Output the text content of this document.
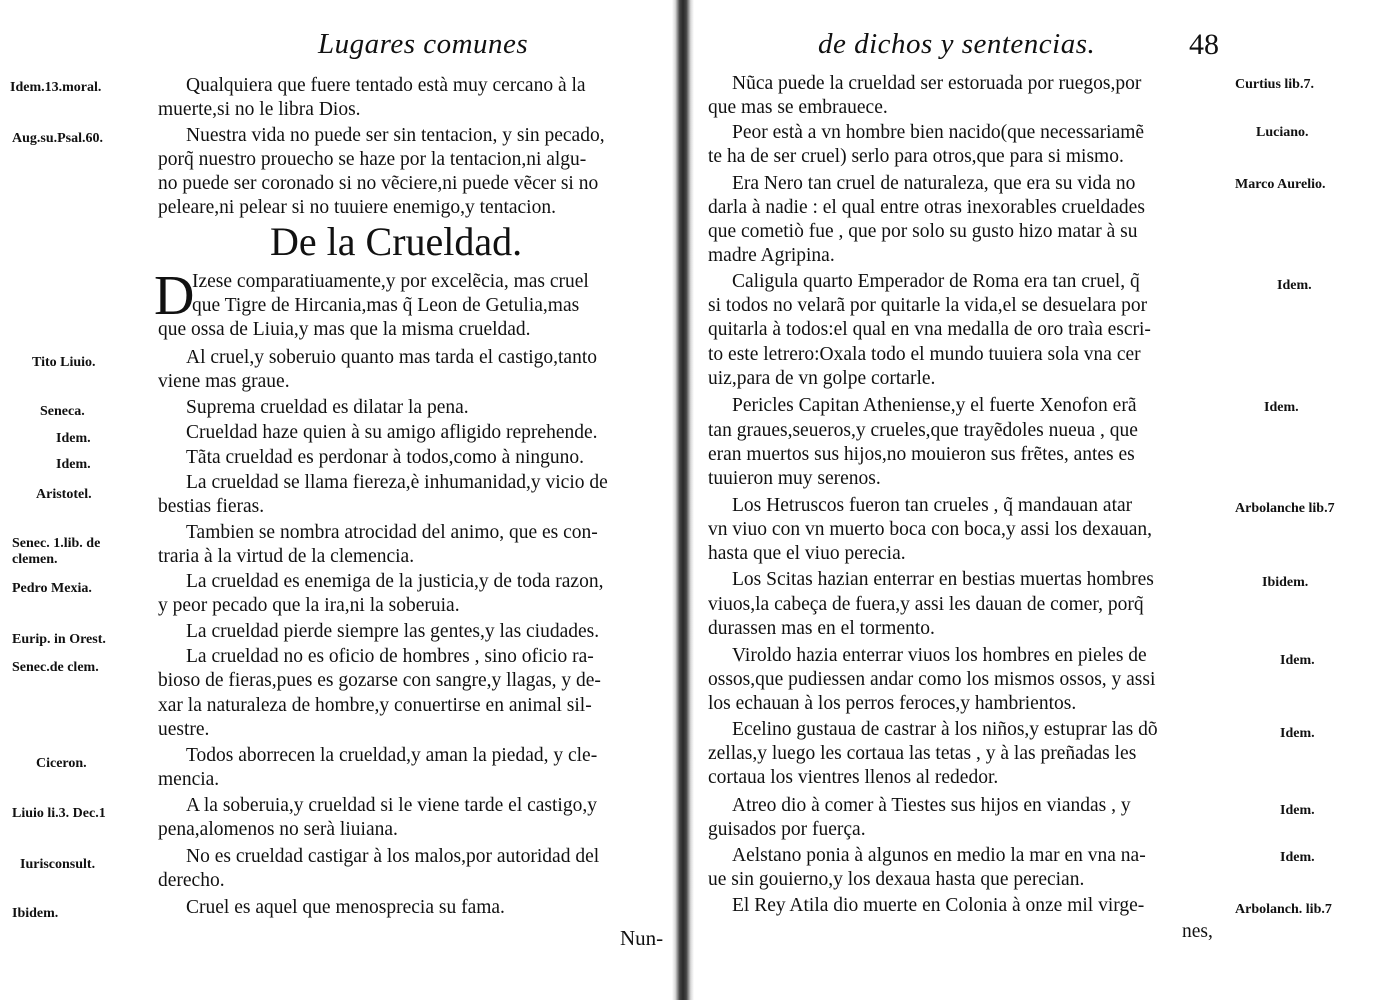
Lugares comunes
Qualquiera que fuere tentado està muy cercano à la
muerte,si no le libra Dios.
Nuestra vida no puede ser sin tentacion, y sin pecado,
porq̃ nuestro prouecho se haze por la tentacion,ni algu-
no puede ser coronado si no vẽciere,ni puede vẽcer si no
peleare,ni pelear si no tuuiere enemigo,y tentacion.
De la Crueldad.
D
Izese comparatiuamente,y por excelẽcia, mas cruel
que Tigre de Hircania,mas q̃ Leon de Getulia,mas
que ossa de Liuia,y mas que la misma crueldad.
Al cruel,y soberuio quanto mas tarda el castigo,tanto
viene mas graue.
Suprema crueldad es dilatar la pena.
Crueldad haze quien à su amigo afligido reprehende.
Tãta crueldad es perdonar à todos,como à ninguno.
La crueldad se llama fiereza,è inhumanidad,y vicio de
bestias fieras.
Tambien se nombra atrocidad del animo, que es con-
traria à la virtud de la clemencia.
La crueldad es enemiga de la justicia,y de toda razon,
y peor pecado que la ira,ni la soberuia.
La crueldad pierde siempre las gentes,y las ciudades.
La crueldad no es oficio de hombres , sino oficio ra-
bioso de fieras,pues es gozarse con sangre,y llagas, y de-
xar la naturaleza de hombre,y conuertirse en animal sil-
uestre.
Todos aborrecen la crueldad,y aman la piedad, y cle-
mencia.
A la soberuia,y crueldad si le viene tarde el castigo,y
pena,alomenos no serà liuiana.
No es crueldad castigar à los malos,por autoridad del
derecho.
Cruel es aquel que menosprecia su fama.
Idem.13.moral.
Aug.su.Psal.60.
Tito Liuio.
Seneca.
Idem.
Idem.
Aristotel.
Senec. 1.lib. de clemen.
Pedro Mexia.
Eurip. in Orest.
Senec.de clem.
Ciceron.
Liuio li.3. Dec.1
Iurisconsult.
Ibidem.
Nun-
de dichos y sentencias.	48
Nũca puede la crueldad ser estoruada por ruegos,por
que mas se embrauece.
Peor està a vn hombre bien nacido(que necessariamẽ
te ha de ser cruel) serlo para otros,que para si mismo.
Era Nero tan cruel de naturaleza, que era su vida no
darla à nadie : el qual entre otras inexorables crueldades
que cometiò fue , que por solo su gusto hizo matar à su
madre Agripina.
Caligula quarto Emperador de Roma era tan cruel, q̃
si todos no velarã por quitarle la vida,el se desuelara por
quitarla à todos:el qual en vna medalla de oro traìa escri-
to este letrero:Oxala todo el mundo tuuiera sola vna cer
uiz,para de vn golpe cortarle.
Pericles Capitan Atheniense,y el fuerte Xenofon erã
tan graues,seueros,y crueles,que trayẽdoles nueua , que
eran muertos sus hijos,no mouieron sus frẽtes, antes es
tuuieron muy serenos.
Los Hetruscos fueron tan crueles , q̃ mandauan atar
vn viuo con vn muerto boca con boca,y assi los dexauan,
hasta que el viuo perecia.
Los Scitas hazian enterrar en bestias muertas hombres
viuos,la cabeça de fuera,y assi les dauan de comer, porq̃
durassen mas en el tormento.
Viroldo hazia enterrar viuos los hombres en pieles de
ossos,que pudiessen andar como los mismos ossos, y assi
los echauan à los perros feroces,y hambrientos.
Ecelino gustaua de castrar à los niños,y estuprar las dõ
zellas,y luego les cortaua las tetas , y à las preñadas les
cortaua los vientres llenos al rededor.
Atreo dio à comer à Tiestes sus hijos en viandas , y
guisados por fuerça.
Aelstano ponia à algunos en medio la mar en vna na-
ue sin gouierno,y los dexaua hasta que perecian.
El Rey Atila dio muerte en Colonia à onze mil virge-
nes,
Curtius lib.7.
Luciano.
Marco Aurelio.
Idem.
Idem.
Arbolanche lib.7
Ibidem.
Idem.
Idem.
Idem.
Idem.
Arbolanch. lib.7
